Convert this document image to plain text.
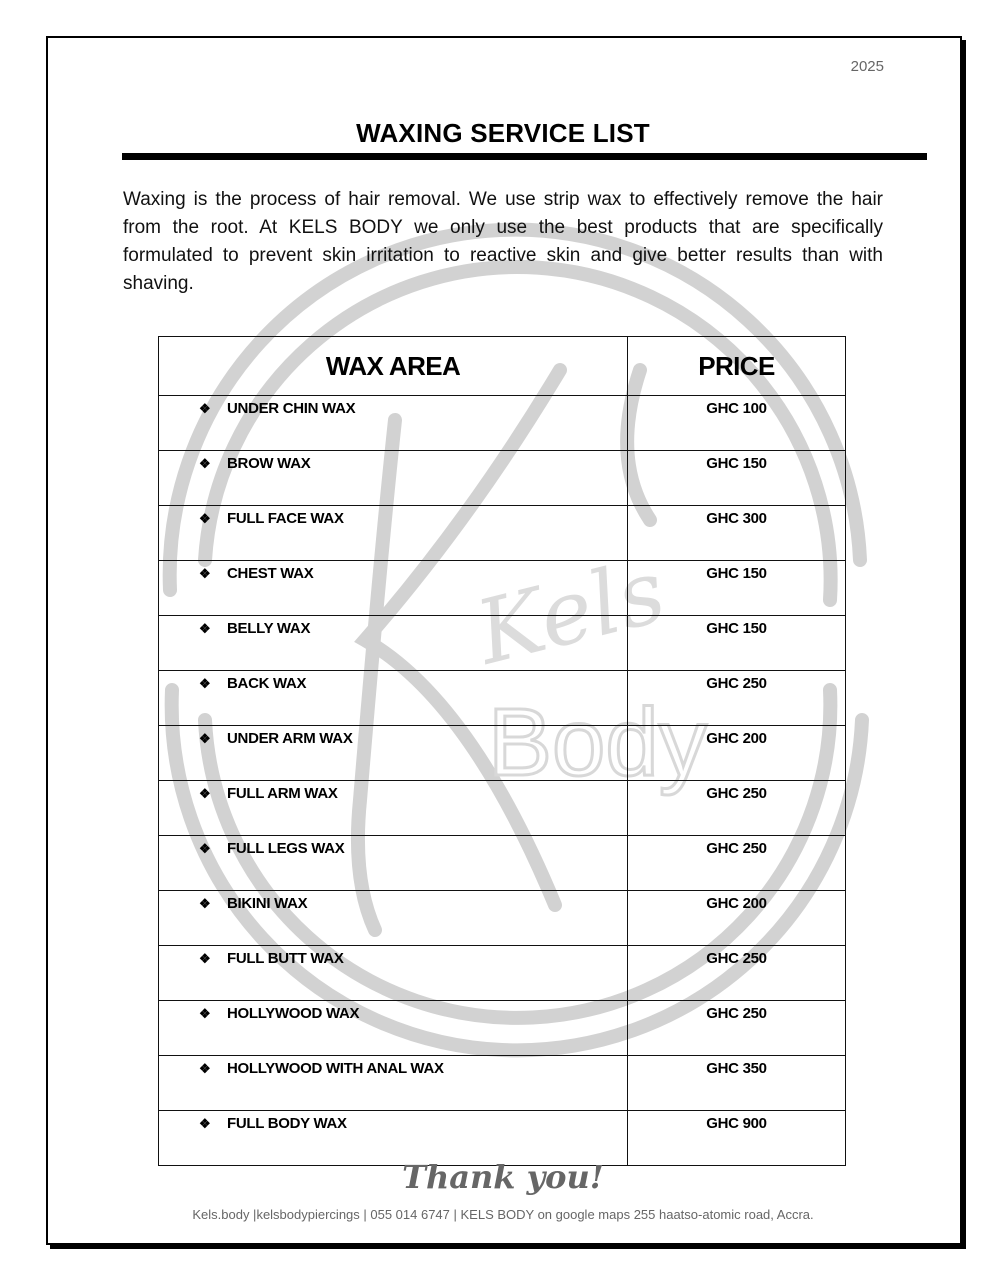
Kels
Body
2025
WAXING SERVICE LIST
Waxing is the process of hair removal. We use strip wax to effectively remove the hair from the root. At KELS BODY we only use the best products that are specifically formulated to prevent skin irritation to reactive skin and give better results than with shaving.
WAX AREA	PRICE
❖ UNDER CHIN WAX	GHC 100
❖ BROW WAX	GHC 150
❖ FULL FACE WAX	GHC 300
❖ CHEST WAX	GHC 150
❖ BELLY WAX	GHC 150
❖ BACK WAX	GHC 250
❖ UNDER ARM WAX	GHC 200
❖ FULL ARM WAX	GHC 250
❖ FULL LEGS WAX	GHC 250
❖ BIKINI WAX	GHC 200
❖ FULL BUTT WAX	GHC 250
❖ HOLLYWOOD WAX	GHC 250
❖ HOLLYWOOD WITH ANAL WAX	GHC 350
❖ FULL BODY WAX	GHC 900
Thank you!
Kels.body |kelsbodypiercings | 055 014 6747 | KELS BODY on google maps 255 haatso-atomic road, Accra.
